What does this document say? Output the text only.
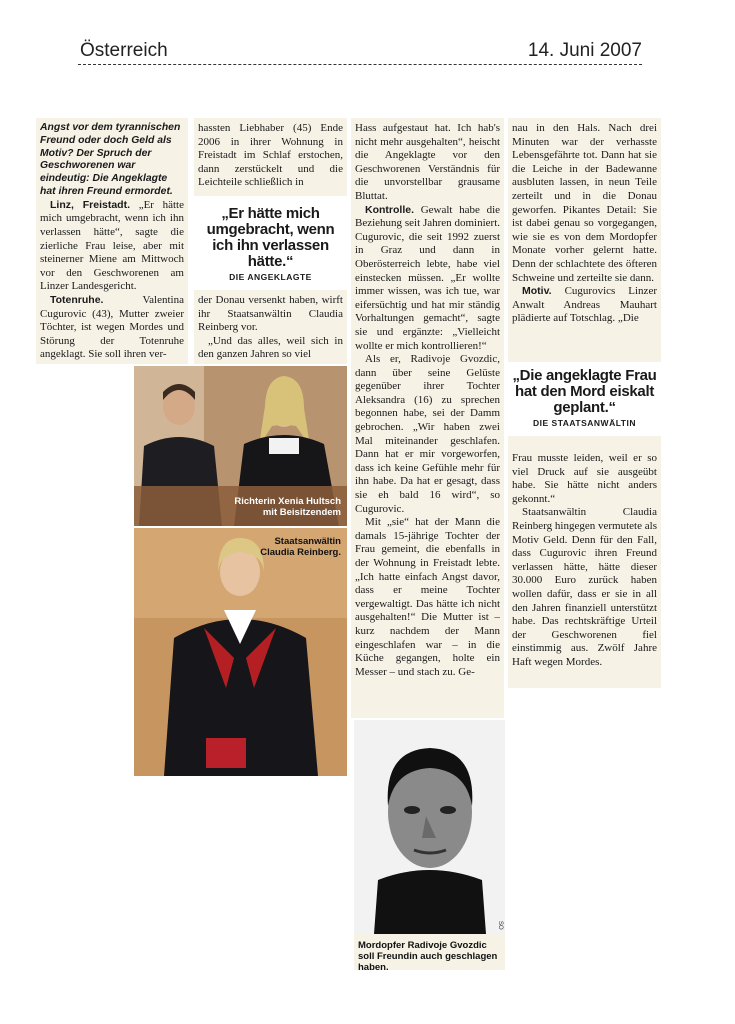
Österreich	14. Juni 2007

Angst vor dem tyrannischen Freund oder doch Geld als Motiv? Der Spruch der Geschworenen war eindeutig: Die Angeklagte hat ihren Freund ermordet.

Linz, Freistadt. „Er hätte mich umgebracht, wenn ich ihn verlassen hätte“, sagte die zierliche Frau leise, aber mit steinerner Miene am Mittwoch vor den Geschworenen am Linzer Landesgericht.

Totenruhe.	Valentina Cugurovic (43), Mutter zweier Töchter, ist wegen Mordes und Störung der Totenruhe angeklagt. Sie soll ihren ver-

hassten Liebhaber (45) Ende 2006 in ihrer Wohnung in Freistadt im Schlaf erstochen, dann zerstückelt und die Leichteile schließlich in

„Er hätte mich umgebracht, wenn ich ihn verlassen hätte.“
DIE ANGEKLAGTE

der Donau versenkt haben, wirft ihr Staatsanwältin Claudia Reinberg vor.

„Und das alles, weil sich in den ganzen Jahren so viel

Hass aufgestaut hat. Ich hab's nicht mehr ausgehalten“, heischt die Angeklagte vor den Geschworenen Verständnis für die unvorstellbar grausame Bluttat.

Kontrolle. Gewalt habe die Beziehung seit Jahren dominiert. Cugurovic, die seit 1992 zuerst in Graz und dann in Oberösterreich lebte, habe viel einstecken müssen. „Er wollte immer wissen, was ich tue, war eifersüchtig und hat mir ständig Vorhaltungen gemacht“, sagte sie und ergänzte: „Vielleicht wollte er mich kontrollieren!“

Als er, Radivoje Gvozdic, dann über seine Gelüste gegenüber ihrer Tochter Aleksandra (16) zu sprechen begonnen habe, sei der Damm gebrochen. „Wir haben zwei Mal miteinander geschlafen. Dann hat er mir vorgeworfen, dass ich keine Gefühle mehr für ihn habe. Da hat er gesagt, dass sie eh bald 16 wird“, so Cugurovic.

Mit „sie“ hat der Mann die damals 15-jährige Tochter der Frau gemeint, die ebenfalls in der Wohnung in Freistadt lebte. „Ich hatte einfach Angst davor, dass er meine Tochter vergewaltigt. Das hätte ich nicht ausgehalten!“ Die Mutter ist – kurz nachdem der Mann eingeschlafen war – in die Küche gegangen, holte ein Messer – und stach zu. Ge-

nau in den Hals. Nach drei Minuten war der verhasste Lebensgefährte tot. Dann hat sie die Leiche in der Badewanne ausbluten lassen, in neun Teile zerteilt und in die Donau geworfen. Pikantes Detail: Sie ist dabei genau so vorgegangen, wie sie es von dem Mordopfer Monate vorher gelernt hatte. Denn der schlachtete des öfteren Schweine und zerteilte sie dann.

Motiv. Cugurovics Linzer Anwalt Andreas Mauhart plädierte auf Totschlag. „Die

„Die angeklagte Frau hat den Mord eiskalt geplant.“
DIE STAATSANWÄLTIN

Frau musste leiden, weil er so viel Druck auf sie ausgeübt habe. Sie hätte nicht anders gekonnt.“

Staatsanwältin Claudia Reinberg hingegen vermutete als Motiv Geld. Denn für den Fall, dass Cugurovic ihren Freund verlassen hätte, hätte dieser 30.000 Euro zurück haben wollen dafür, dass er sie in all den Jahren finanziell unterstützt habe. Das rechtskräftige Urteil der Geschworenen fiel einstimmig aus. Zwölf Jahre Haft wegen Mordes.

Richterin Xenia Hultsch mit Beisitzendem
Staatsanwältin Claudia Reinberg.
SO
Mordopfer Radivoje Gvozdic soll Freundin auch geschlagen haben.
